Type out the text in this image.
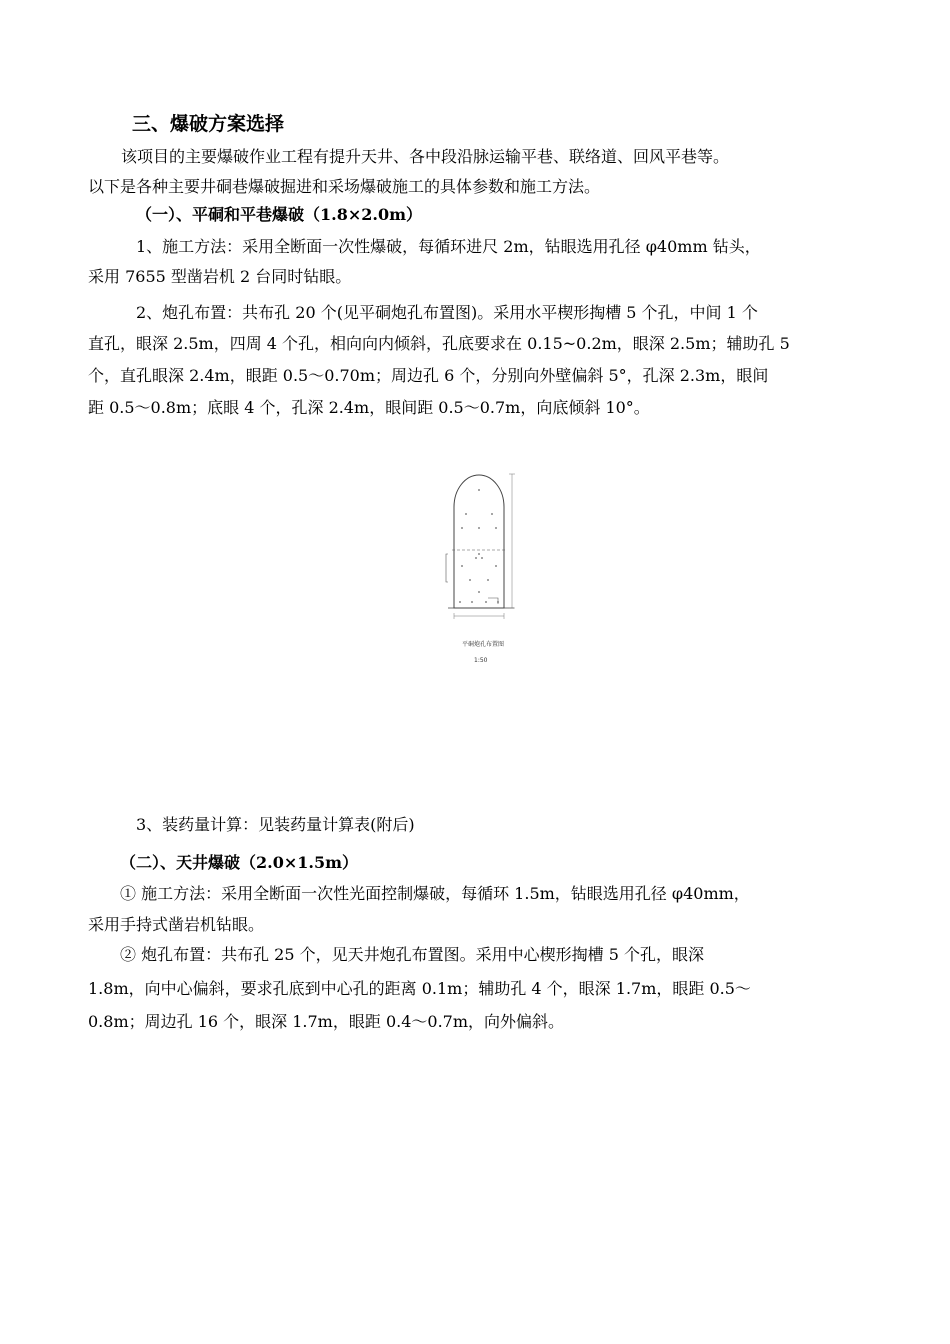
三、爆破方案选择
该项目的主要爆破作业工程有提升天井、各中段沿脉运输平巷、联络道、回风平巷等。
以下是各种主要井硐巷爆破掘进和采场爆破施工的具体参数和施工方法。
（一）、平硐和平巷爆破（1.8×2.0m）
1、施工方法：采用全断面一次性爆破，每循环进尺 2m，钻眼选用孔径 φ40mm 钻头，
采用 7655 型凿岩机 2 台同时钻眼。
2、炮孔布置：共布孔 20 个(见平硐炮孔布置图)。采用水平楔形掏槽 5 个孔，中间 1 个
直孔，眼深 2.5m，四周 4 个孔，相向向内倾斜，孔底要求在 0.15~0.2m，眼深 2.5m；辅助孔 5
个，直孔眼深 2.4m，眼距 0.5～0.70m；周边孔 6 个，分别向外壁偏斜 5°，孔深 2.3m，眼间
距 0.5～0.8m；底眼 4 个，孔深 2.4m，眼间距 0.5～0.7m，向底倾斜 10°。
平硐炮孔布置图
1:50
3、装药量计算：见装药量计算表(附后)
（二）、天井爆破（2.0×1.5m）
① 施工方法：采用全断面一次性光面控制爆破，每循环 1.5m，钻眼选用孔径 φ40mm，
采用手持式凿岩机钻眼。
② 炮孔布置：共布孔 25 个，见天井炮孔布置图。采用中心楔形掏槽 5 个孔，眼深
1.8m，向中心偏斜，要求孔底到中心孔的距离 0.1m；辅助孔 4 个，眼深 1.7m，眼距 0.5～
0.8m；周边孔 16 个，眼深 1.7m，眼距 0.4～0.7m，向外偏斜。
